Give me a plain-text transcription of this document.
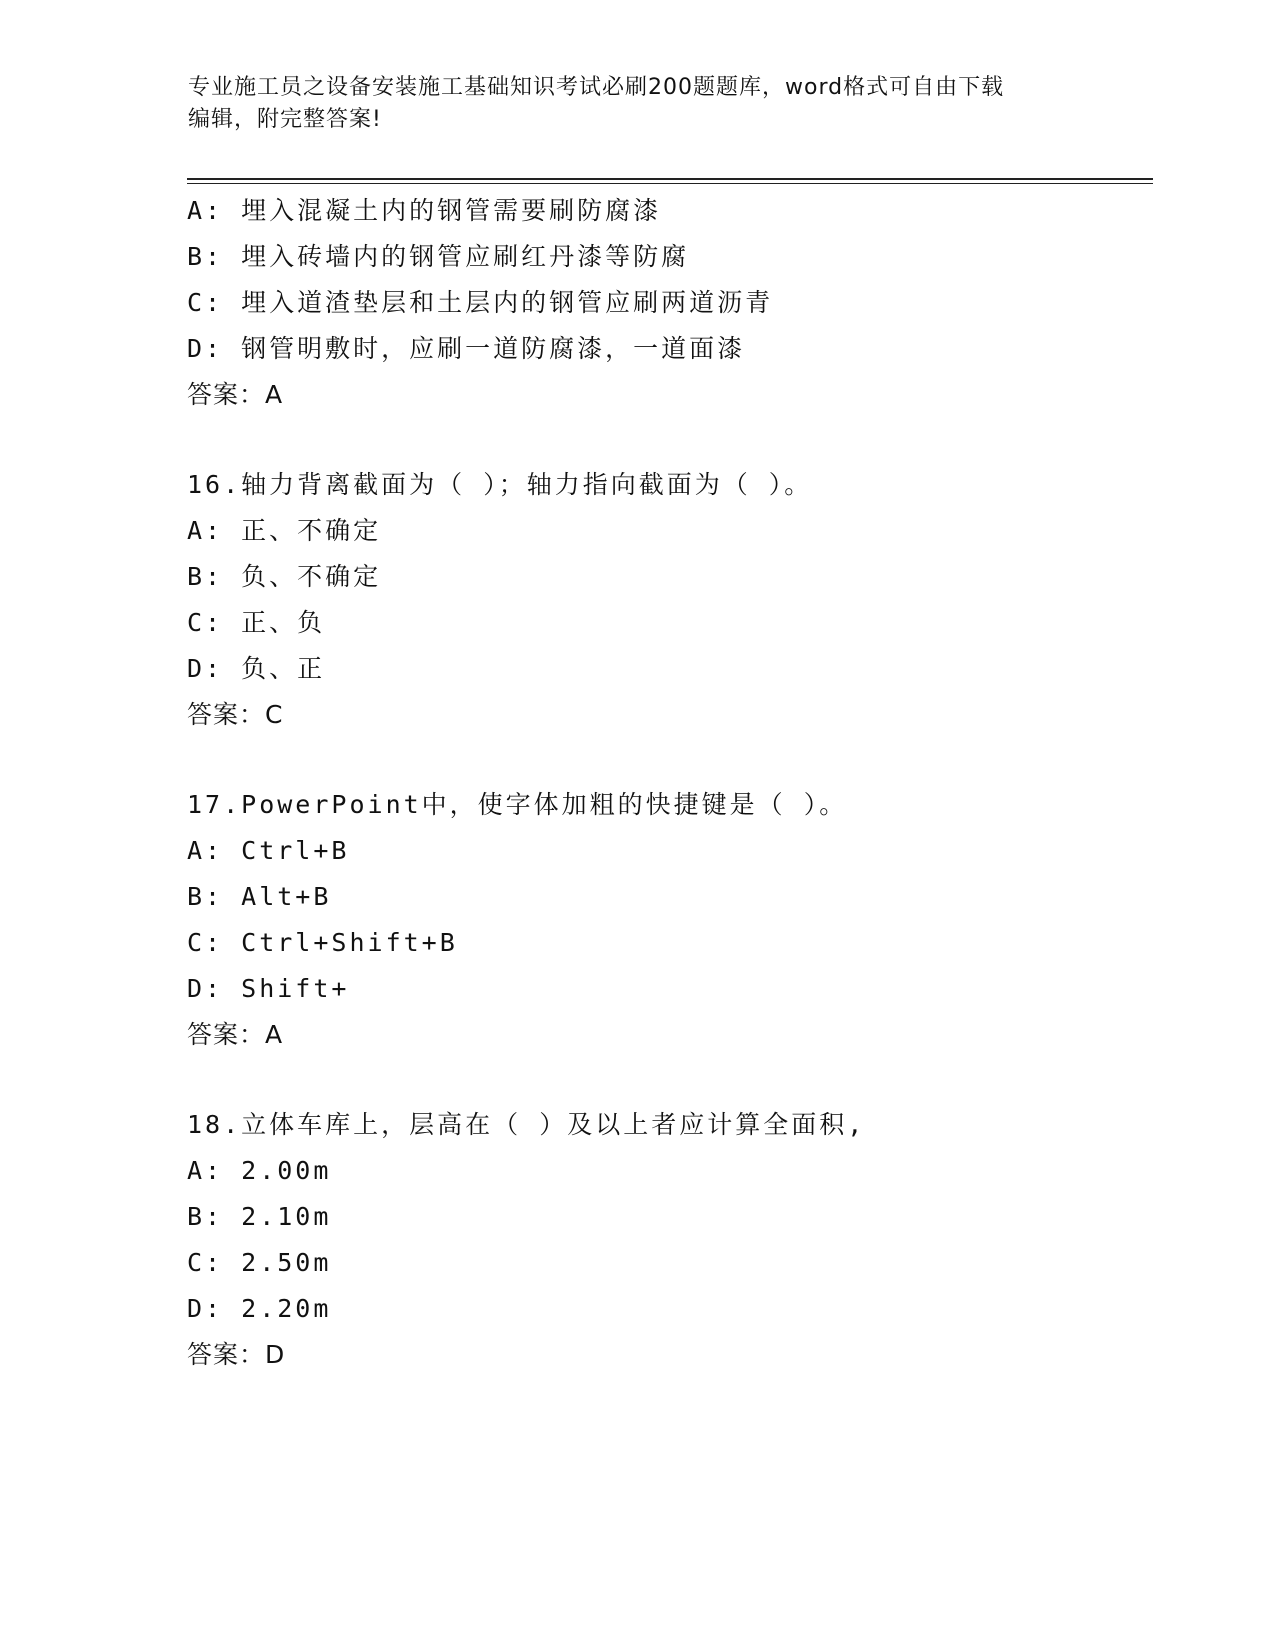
专业施工员之设备安装施工基础知识考试必刷200题题库，word格式可自由下载
编辑，附完整答案!
A: 埋入混凝土内的钢管需要刷防腐漆
B: 埋入砖墙内的钢管应刷红丹漆等防腐
C: 埋入道渣垫层和土层内的钢管应刷两道沥青
D: 钢管明敷时，应刷一道防腐漆，一道面漆
答案：A
16.轴力背离截面为（ ）；轴力指向截面为（ ）。
A: 正、不确定
B: 负、不确定
C: 正、负
D: 负、正
答案：C
17.PowerPoint中，使字体加粗的快捷键是（ ）。
A: Ctrl+B
B: Alt+B
C: Ctrl+Shift+B
D: Shift+
答案：A
18.立体车库上，层高在（ ）及以上者应计算全面积,
A: 2.00m
B: 2.10m
C: 2.50m
D: 2.20m
答案：D
